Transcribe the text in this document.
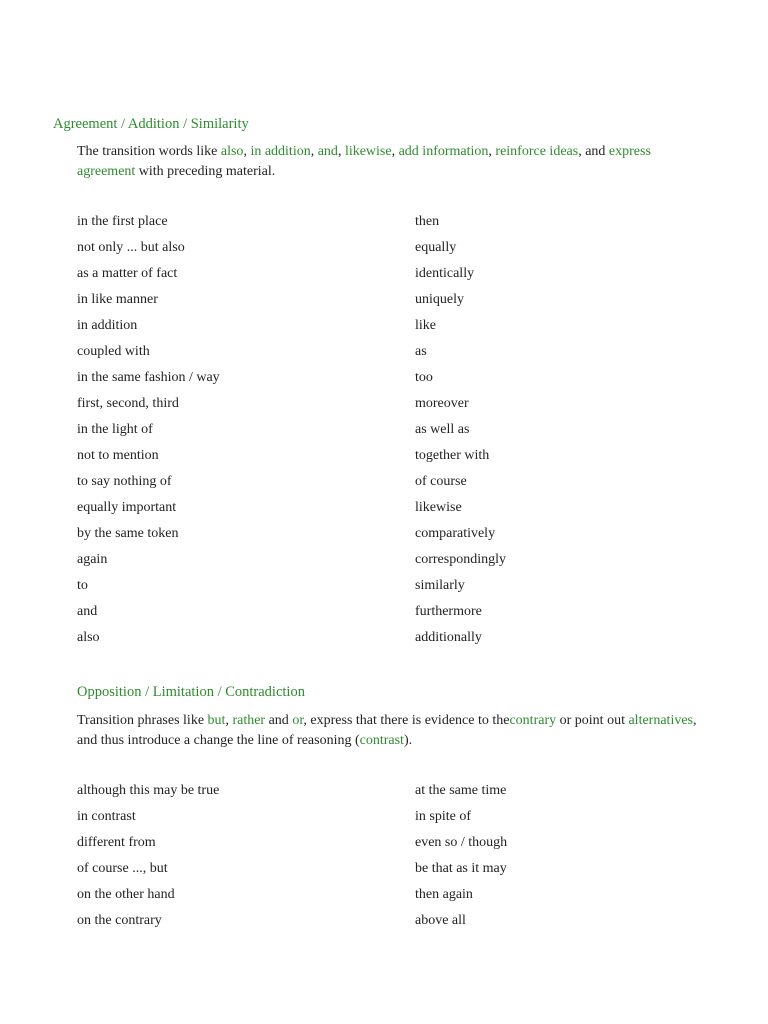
Agreement / Addition / Similarity
The transition words like also, in addition, and, likewise, add information, reinforce ideas, and express agreement with preceding material.
in the first place
not only ... but also
as a matter of fact
in like manner
in addition
coupled with
in the same fashion / way
first, second, third
in the light of
not to mention
to say nothing of
equally important
by the same token
again
to
and
also
then
equally
identically
uniquely
like
as
too
moreover
as well as
together with
of course
likewise
comparatively
correspondingly
similarly
furthermore
additionally
Opposition / Limitation / Contradiction
Transition phrases like but, rather and or, express that there is evidence to thecontrary or point out alternatives, and thus introduce a change the line of reasoning (contrast).
although this may be true
in contrast
different from
of course ..., but
on the other hand
on the contrary
at the same time
in spite of
even so / though
be that as it may
then again
above all
